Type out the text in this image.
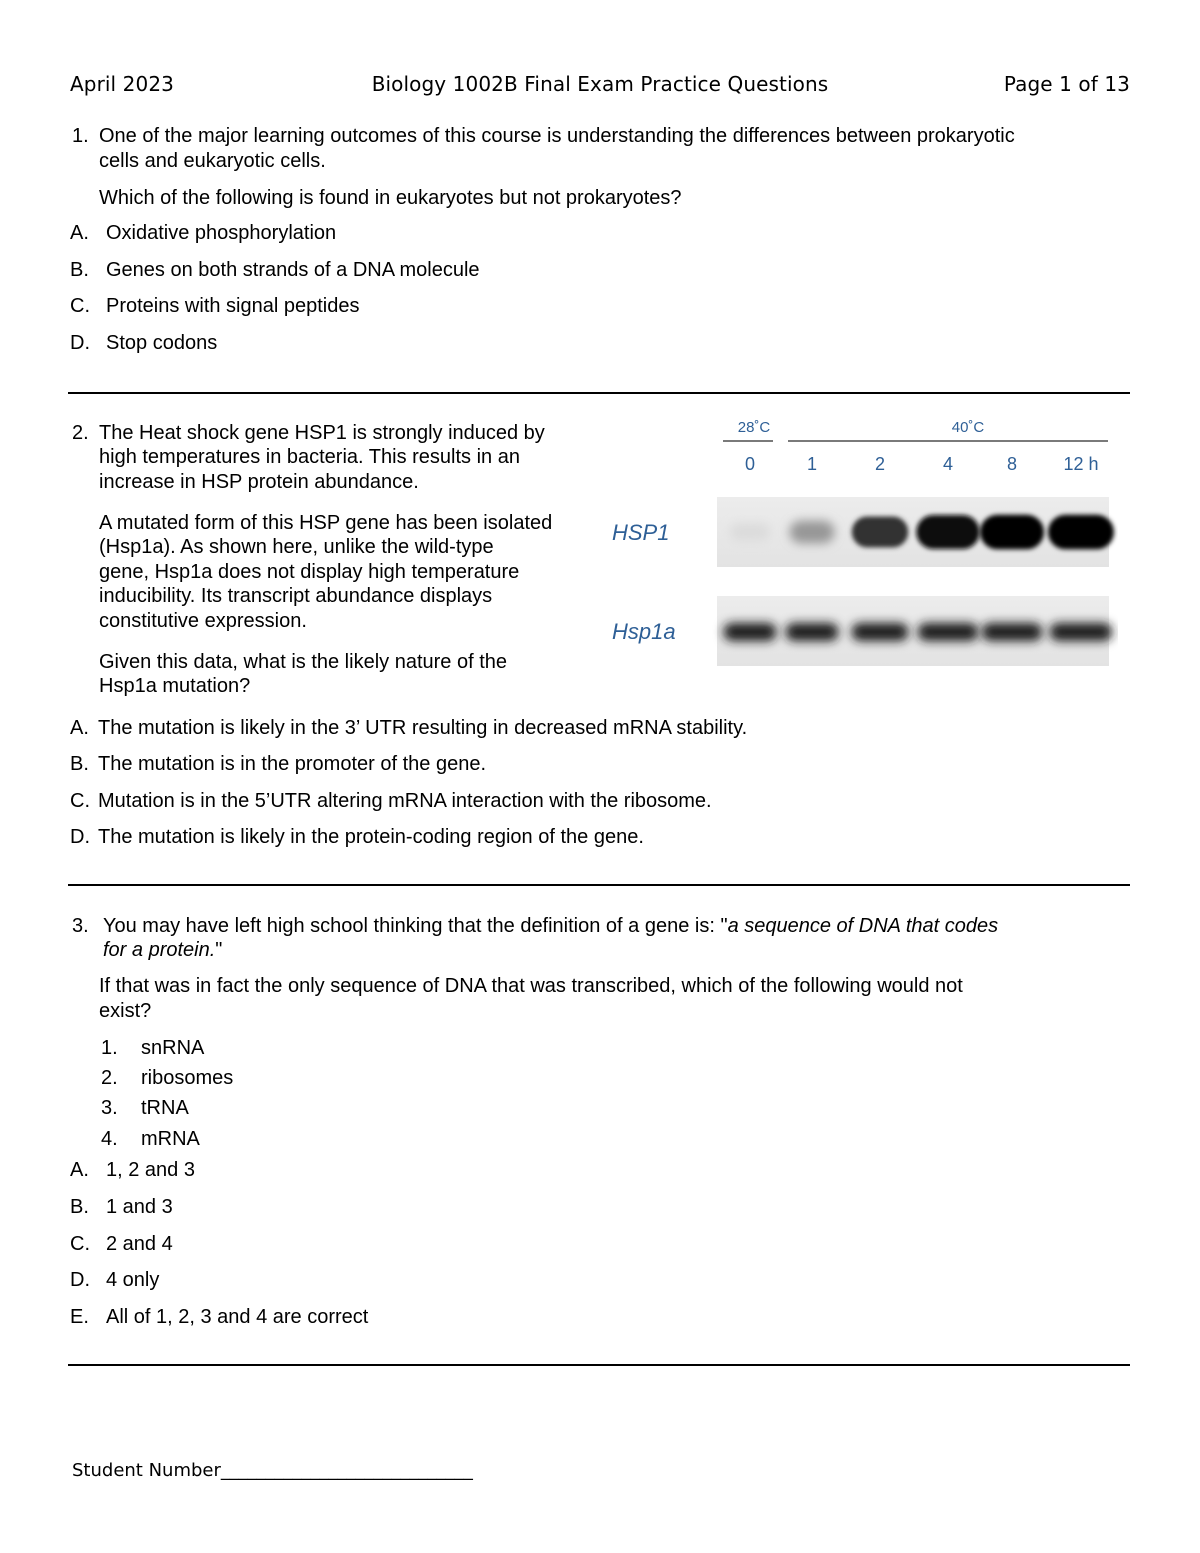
April 2023	Biology 1002B Final Exam Practice Questions	Page 1 of 13
1. One of the major learning outcomes of this course is understanding the differences between prokaryotic
cells and eukaryotic cells.
Which of the following is found in eukaryotes but not prokaryotes?
A. Oxidative phosphorylation
B. Genes on both strands of a DNA molecule
C. Proteins with signal peptides
D. Stop codons
2. The Heat shock gene HSP1 is strongly induced by
high temperatures in bacteria. This results in an
increase in HSP protein abundance.
A mutated form of this HSP gene has been isolated
(Hsp1a). As shown here, unlike the wild-type
gene, Hsp1a does not display high temperature
inducibility. Its transcript abundance displays
constitutive expression.
Given this data, what is the likely nature of the
Hsp1a mutation?
28˚C	40˚C
0	1	2	4	8	12 h
HSP1
Hsp1a
A. The mutation is likely in the 3’ UTR resulting in decreased mRNA stability.
B. The mutation is in the promoter of the gene.
C. Mutation is in the 5’UTR altering mRNA interaction with the ribosome.
D. The mutation is likely in the protein-coding region of the gene.
3. You may have left high school thinking that the definition of a gene is: "a sequence of DNA that codes
for a protein."
If that was in fact the only sequence of DNA that was transcribed, which of the following would not
exist?
1. snRNA
2. ribosomes
3. tRNA
4. mRNA
A. 1, 2 and 3
B. 1 and 3
C. 2 and 4
D. 4 only
E. All of 1, 2, 3 and 4 are correct
Student Number____________________________
